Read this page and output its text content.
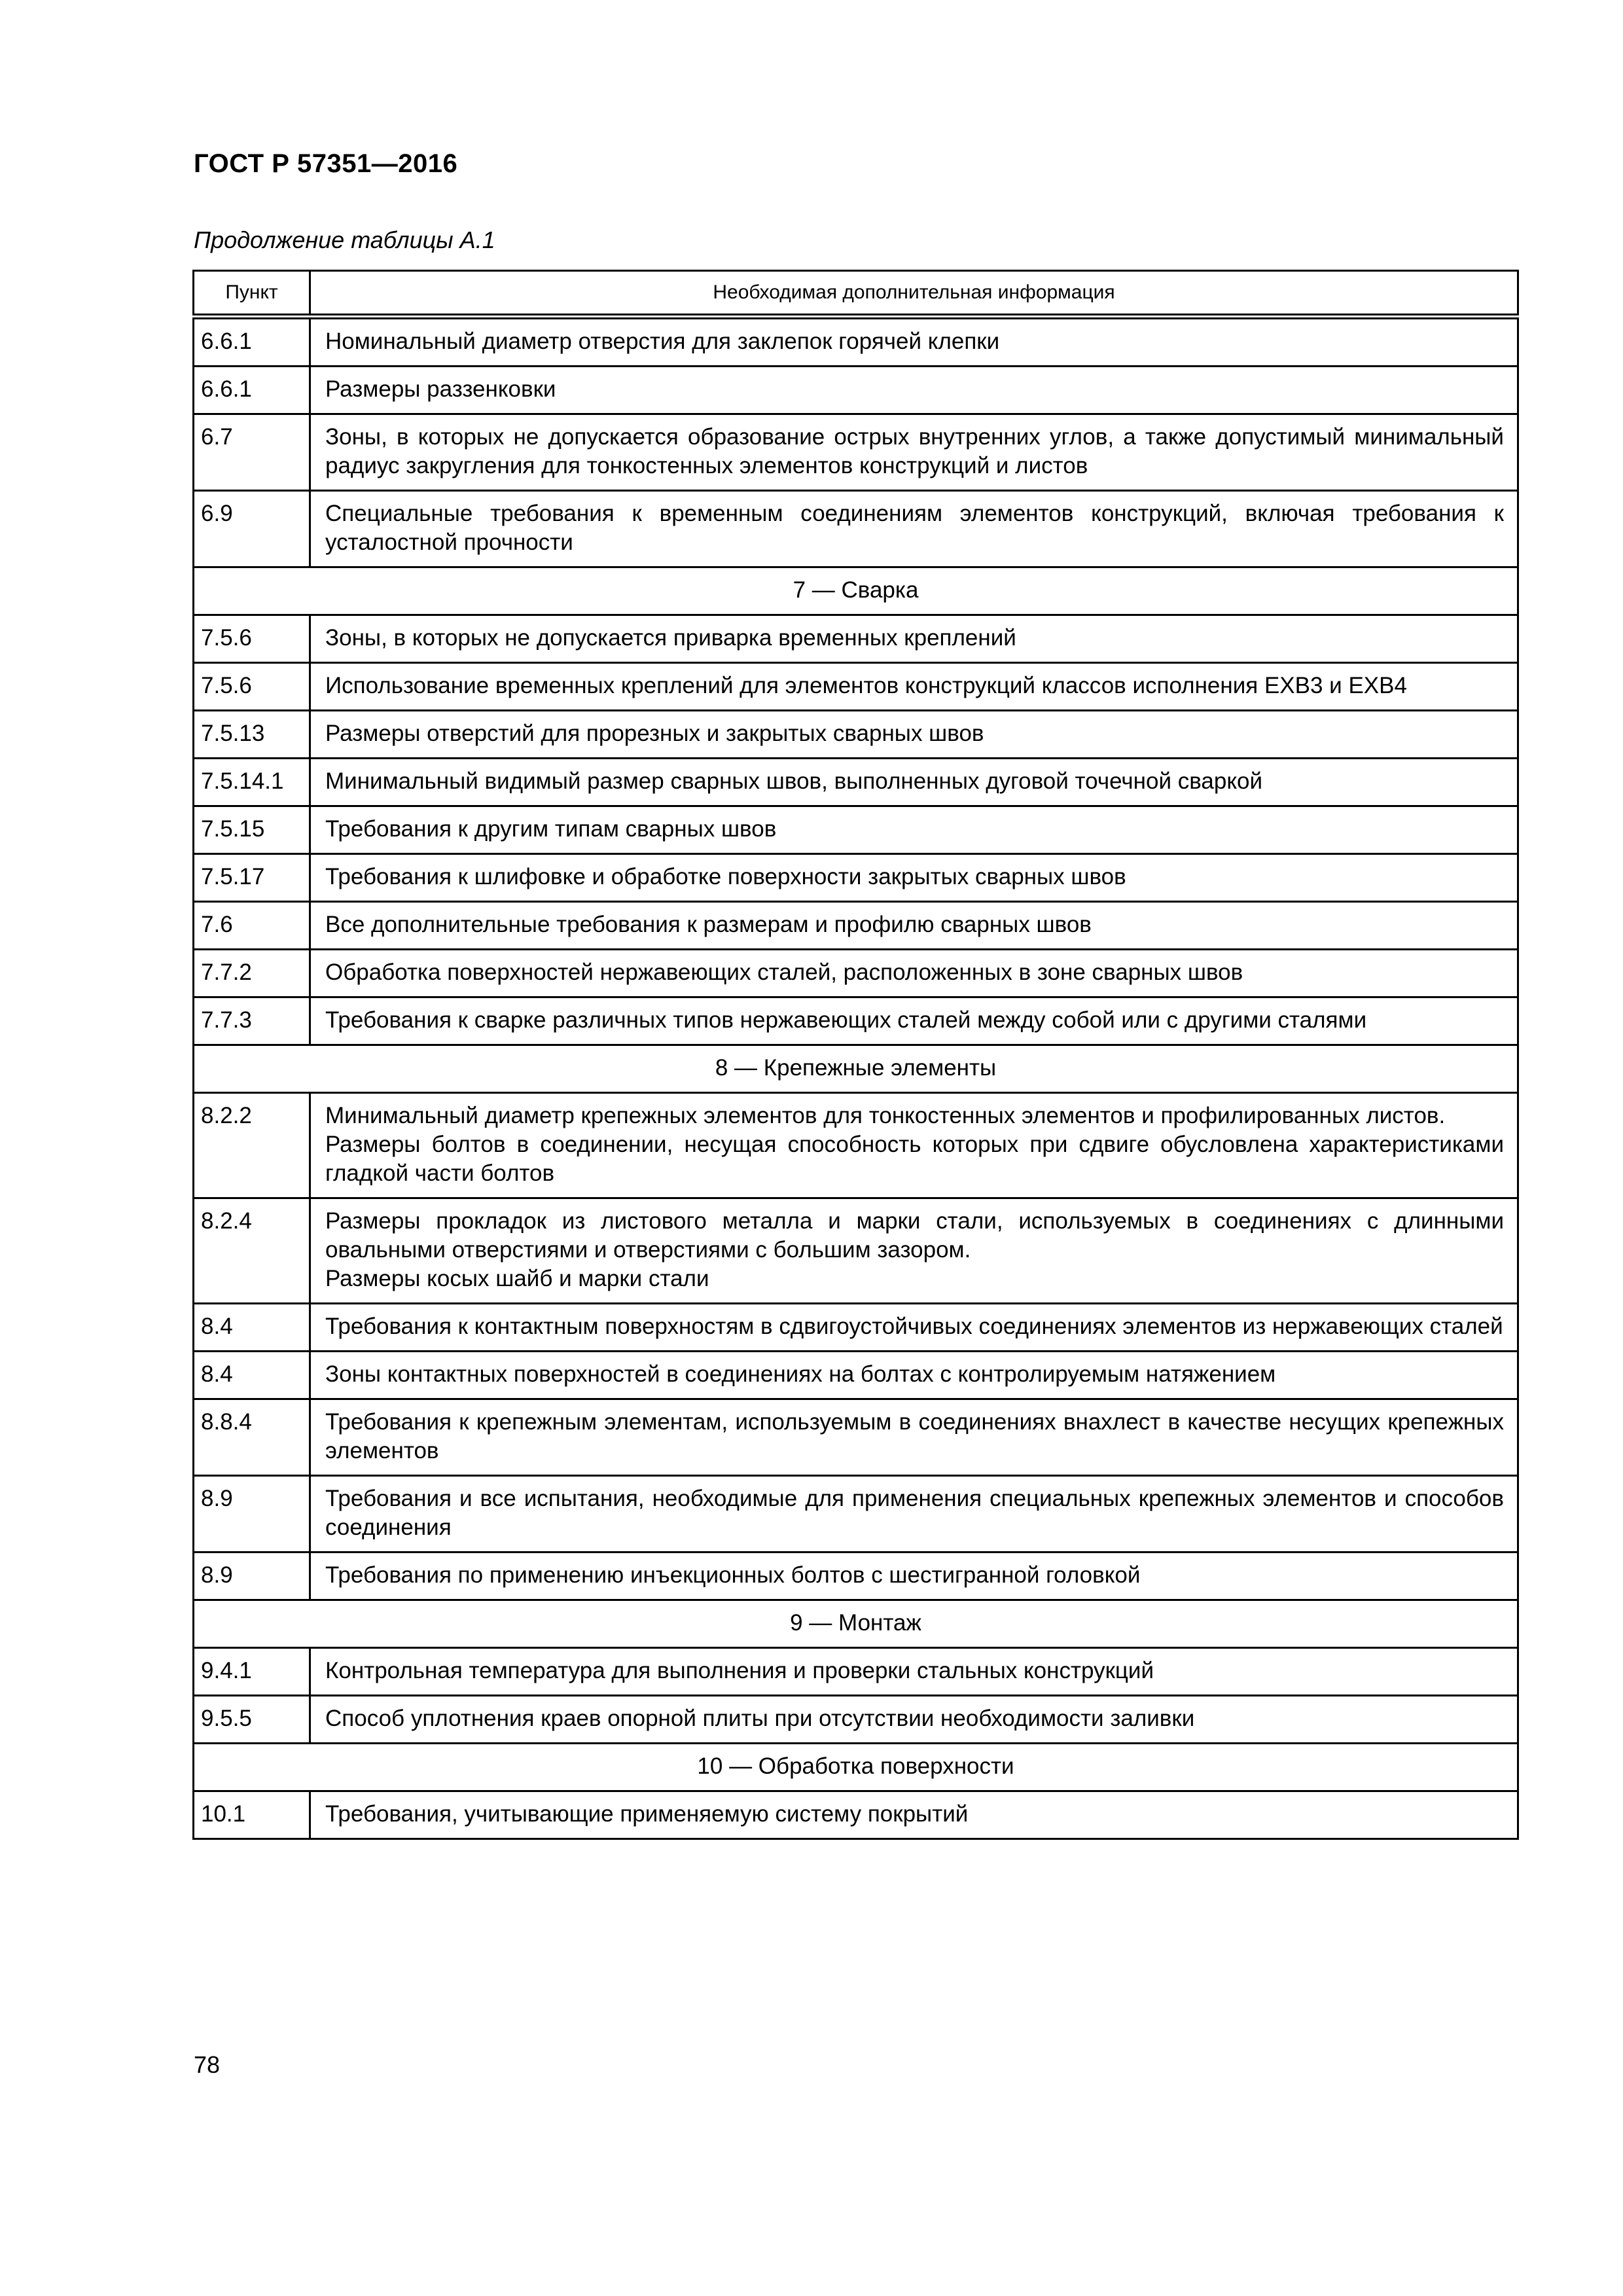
ГОСТ Р 57351—2016
Продолжение таблицы А.1
Пункт	Необходимая дополнительная информация
6.6.1	Номинальный диаметр отверстия для заклепок горячей клепки

6.6.1	Размеры раззенковки

6.7	Зоны, в которых не допускается образование острых внутренних углов, а также допустимый минимальный радиус закругления для тонкостенных элементов конструкций и листов

6.9	Специальные требования к временным соединениям элементов конструкций, включая требования к усталостной прочности

7 — Сварка	
7.5.6	Зоны, в которых не допускается приварка временных креплений

7.5.6	Использование временных креплений для элементов конструкций классов исполнения EXB3 и EXB4

7.5.13	Размеры отверстий для прорезных и закрытых сварных швов

7.5.14.1	Минимальный видимый размер сварных швов, выполненных дуговой точечной сваркой

7.5.15	Требования к другим типам сварных швов

7.5.17	Требования к шлифовке и обработке поверхности закрытых сварных швов

7.6	Все дополнительные требования к размерам и профилю сварных швов

7.7.2	Обработка поверхностей нержавеющих сталей, расположенных в зоне сварных швов

7.7.3	Требования к сварке различных типов нержавеющих сталей между собой или с другими сталями

8 — Крепежные элементы	
8.2.2	Минимальный диаметр крепежных элементов для тонкостенных элементов и профилированных листов.
Размеры болтов в соединении, несущая способность которых при сдвиге обусловлена характеристиками гладкой части болтов

8.2.4	Размеры прокладок из листового металла и марки стали, используемых в соединениях с длинными овальными отверстиями и отверстиями с большим зазором.
Размеры косых шайб и марки стали

8.4	Требования к контактным поверхностям в сдвигоустойчивых соединениях элементов из нержавеющих сталей

8.4	Зоны контактных поверхностей в соединениях на болтах с контролируемым натяжением

8.8.4	Требования к крепежным элементам, используемым в соединениях внахлест в качестве несущих крепежных элементов

8.9	Требования и все испытания, необходимые для применения специальных крепежных элементов и способов соединения

8.9	Требования по применению инъекционных болтов с шестигранной головкой

9 — Монтаж	
9.4.1	Контрольная температура для выполнения и проверки стальных конструкций

9.5.5	Способ уплотнения краев опорной плиты при отсутствии необходимости заливки

10 — Обработка поверхности	
10.1	Требования, учитывающие применяемую систему покрытий
78
